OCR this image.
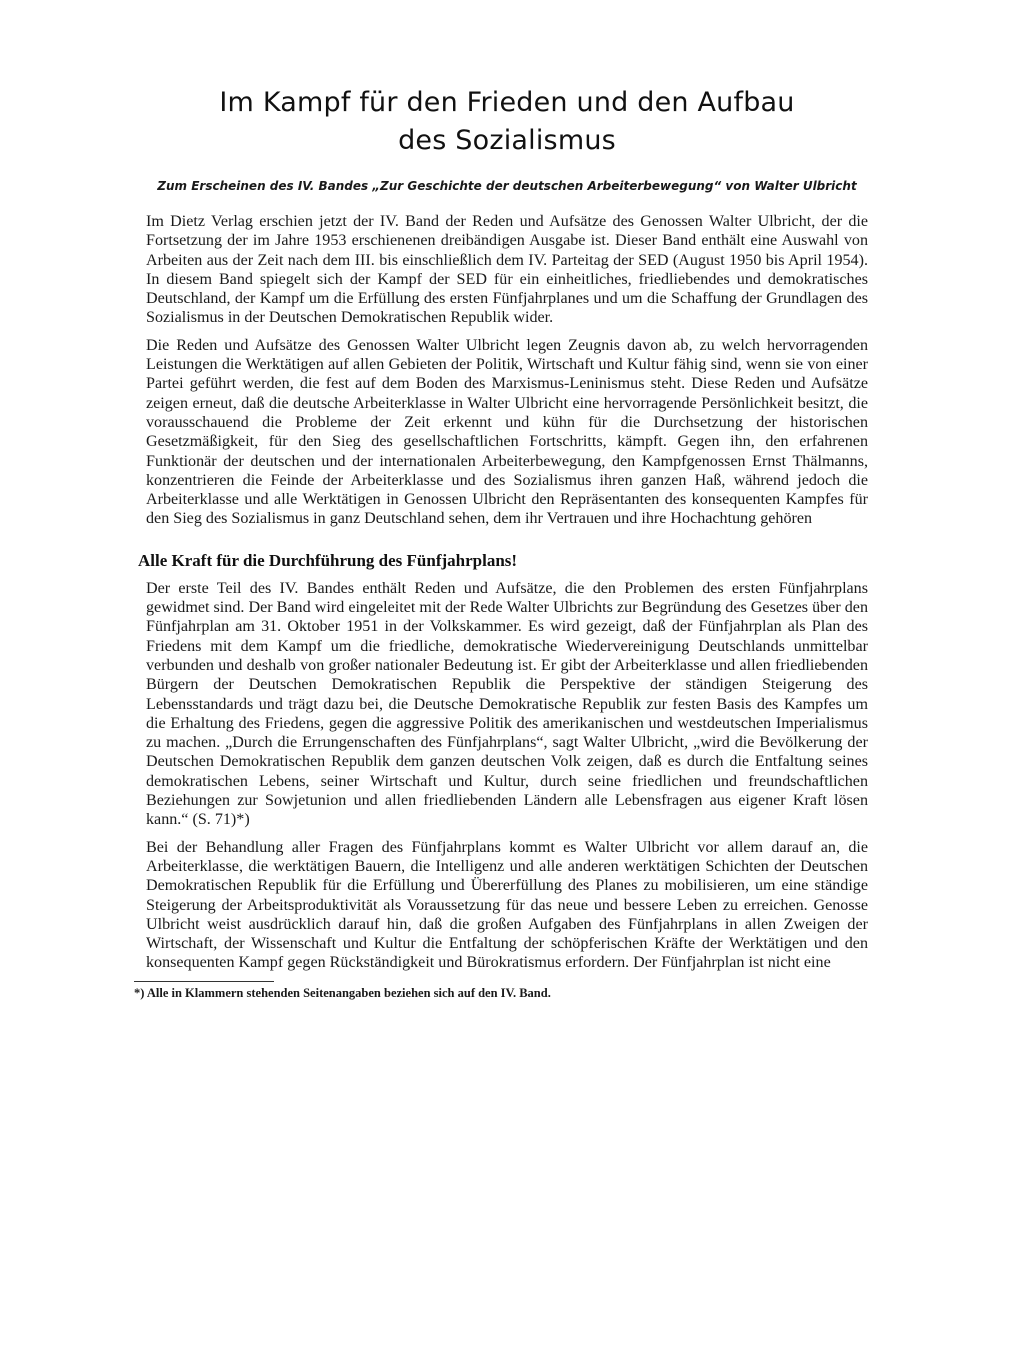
Im Kampf für den Frieden und den Aufbau
des Sozialismus
Zum Erscheinen des IV. Bandes „Zur Geschichte der deutschen Arbeiterbewegung“ von Walter Ulbricht

Im Dietz Verlag erschien jetzt der IV. Band der Reden und Aufsätze des Genossen Walter Ulbricht, der die Fortsetzung der im Jahre 1953 erschienenen dreibändigen Ausgabe ist. Dieser Band enthält eine Auswahl von Arbeiten aus der Zeit nach dem III. bis einschließlich dem IV. Parteitag der SED (August 1950 bis April 1954). In diesem Band spiegelt sich der Kampf der SED für ein einheitliches, friedliebendes und demokratisches Deutschland, der Kampf um die Erfüllung des ersten Fünfjahrplanes und um die Schaffung der Grundlagen des Sozialismus in der Deutschen Demokratischen Republik wider.

Die Reden und Aufsätze des Genossen Walter Ulbricht legen Zeugnis davon ab, zu welch hervorragenden Leistungen die Werktätigen auf allen Gebieten der Politik, Wirtschaft und Kultur fähig sind, wenn sie von einer Partei geführt werden, die fest auf dem Boden des Marxismus-Leninismus steht. Diese Reden und Aufsätze zeigen erneut, daß die deutsche Arbeiterklasse in Walter Ulbricht eine hervorragende Persönlichkeit besitzt, die vorausschauend die Probleme der Zeit erkennt und kühn für die Durchsetzung der historischen Gesetzmäßigkeit, für den Sieg des gesellschaftlichen Fortschritts, kämpft. Gegen ihn, den erfahrenen Funktionär der deutschen und der internationalen Arbeiterbewegung, den Kampfgenossen Ernst Thälmanns, konzentrieren die Feinde der Arbeiterklasse und des Sozialismus ihren ganzen Haß, während jedoch die Arbeiterklasse und alle Werktätigen in Genossen Ulbricht den Repräsentanten des konsequenten Kampfes für den Sieg des Sozialismus in ganz Deutschland sehen, dem ihr Vertrauen und ihre Hochachtung gehören

Alle Kraft für die Durchführung des Fünfjahrplans!

Der erste Teil des IV. Bandes enthält Reden und Aufsätze, die den Problemen des ersten Fünfjahrplans gewidmet sind. Der Band wird eingeleitet mit der Rede Walter Ulbrichts zur Begründung des Gesetzes über den Fünfjahrplan am 31. Oktober 1951 in der Volkskammer. Es wird gezeigt, daß der Fünfjahrplan als Plan des Friedens mit dem Kampf um die friedliche, demokratische Wiedervereinigung Deutschlands unmittelbar verbunden und deshalb von großer nationaler Bedeutung ist. Er gibt der Arbeiterklasse und allen friedliebenden Bürgern der Deutschen Demokratischen Republik die Perspektive der ständigen Steigerung des Lebensstandards und trägt dazu bei, die Deutsche Demokratische Republik zur festen Basis des Kampfes um die Erhaltung des Friedens, gegen die aggressive Politik des amerikanischen und westdeutschen Imperialismus zu machen. „Durch die Errungenschaften des Fünfjahrplans“, sagt Walter Ulbricht, „wird die Bevölkerung der Deutschen Demokratischen Republik dem ganzen deutschen Volk zeigen, daß es durch die Entfaltung seines demokratischen Lebens, seiner Wirtschaft und Kultur, durch seine friedlichen und freundschaftlichen Beziehungen zur Sowjetunion und allen friedliebenden Ländern alle Lebensfragen aus eigener Kraft lösen kann.“ (S. 71)*)

Bei der Behandlung aller Fragen des Fünfjahrplans kommt es Walter Ulbricht vor allem darauf an, die Arbeiterklasse, die werktätigen Bauern, die Intelligenz und alle anderen werktätigen Schichten der Deutschen Demokratischen Republik für die Erfüllung und Übererfüllung des Planes zu mobilisieren, um eine ständige Steigerung der Arbeitsproduktivität als Voraussetzung für das neue und bessere Leben zu erreichen. Genosse Ulbricht weist ausdrücklich darauf hin, daß die großen Aufgaben des Fünfjahrplans in allen Zweigen der Wirtschaft, der Wissenschaft und Kultur die Entfaltung der schöpferischen Kräfte der Werktätigen und den konsequenten Kampf gegen Rückständigkeit und Bürokratismus erfordern. Der Fünfjahrplan ist nicht eine

*) Alle in Klammern stehenden Seitenangaben beziehen sich auf den IV. Band.
